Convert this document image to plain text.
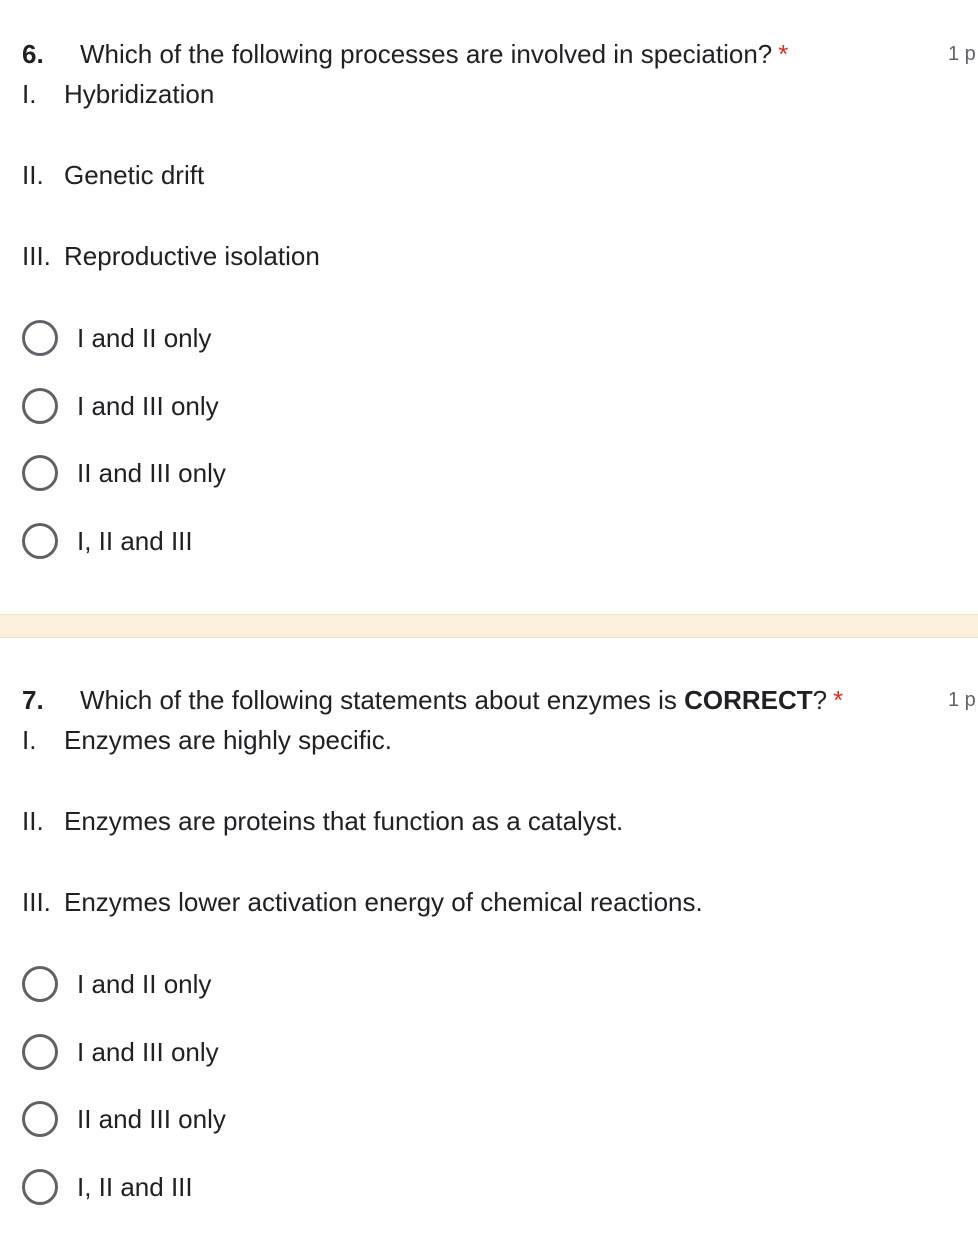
6. Which of the following processes are involved in speciation? *	1 p
I. Hybridization
II. Genetic drift
III. Reproductive isolation
I and II only
I and III only
II and III only
I, II and III
7. Which of the following statements about enzymes is CORRECT? *	1 p
I. Enzymes are highly specific.
II. Enzymes are proteins that function as a catalyst.
III. Enzymes lower activation energy of chemical reactions.
I and II only
I and III only
II and III only
I, II and III
